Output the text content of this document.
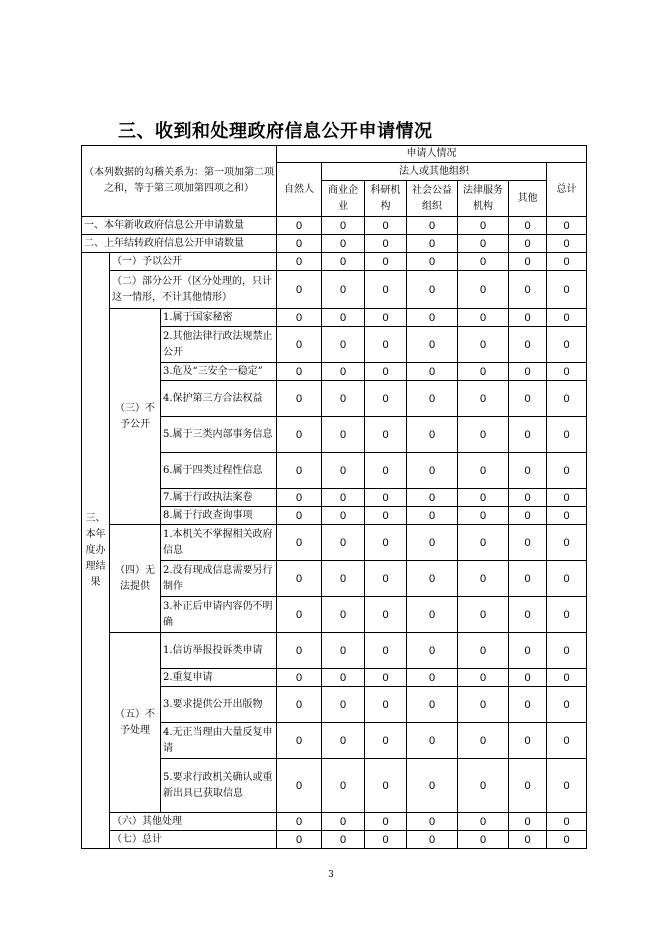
三、收到和处理政府信息公开申请情况
（本列数据的勾稽关系为：第一项加第二项之和，等于第三项加第四项之和）			申请人情况						
			自然人	法人或其他组织					总计
				商业企业	科研机构	社会公益组织	法律服务机构	其他	
一、本年新收政府信息公开申请数量			0	0	0	0	0	0	0
二、上年结转政府信息公开申请数量			0	0	0	0	0	0	0
三、本年度办理结果	（一）予以公开		0	0	0	0	0	0	0
	（二）部分公开（区分处理的，只计这一情形，不计其他情形）		0	0	0	0	0	0	0
	（三）不予公开	1.属于国家秘密	0	0	0	0	0	0	0
		2.其他法律行政法规禁止公开	0	0	0	0	0	0	0
		3.危及“三安全一稳定”	0	0	0	0	0	0	0
		4.保护第三方合法权益	0	0	0	0	0	0	0
		5.属于三类内部事务信息	0	0	0	0	0	0	0
		6.属于四类过程性信息	0	0	0	0	0	0	0
		7.属于行政执法案卷	0	0	0	0	0	0	0
		8.属于行政查询事项	0	0	0	0	0	0	0
	（四）无法提供	1.本机关不掌握相关政府信息	0	0	0	0	0	0	0
		2.没有现成信息需要另行制作	0	0	0	0	0	0	0
		3.补正后申请内容仍不明确	0	0	0	0	0	0	0
	（五）不予处理	1.信访举报投诉类申请	0	0	0	0	0	0	0
		2.重复申请	0	0	0	0	0	0	0
		3.要求提供公开出版物	0	0	0	0	0	0	0
		4.无正当理由大量反复申请	0	0	0	0	0	0	0
		5.要求行政机关确认或重新出具已获取信息	0	0	0	0	0	0	0
	（六）其他处理		0	0	0	0	0	0	0
	（七）总计		0	0	0	0	0	0	0
3
